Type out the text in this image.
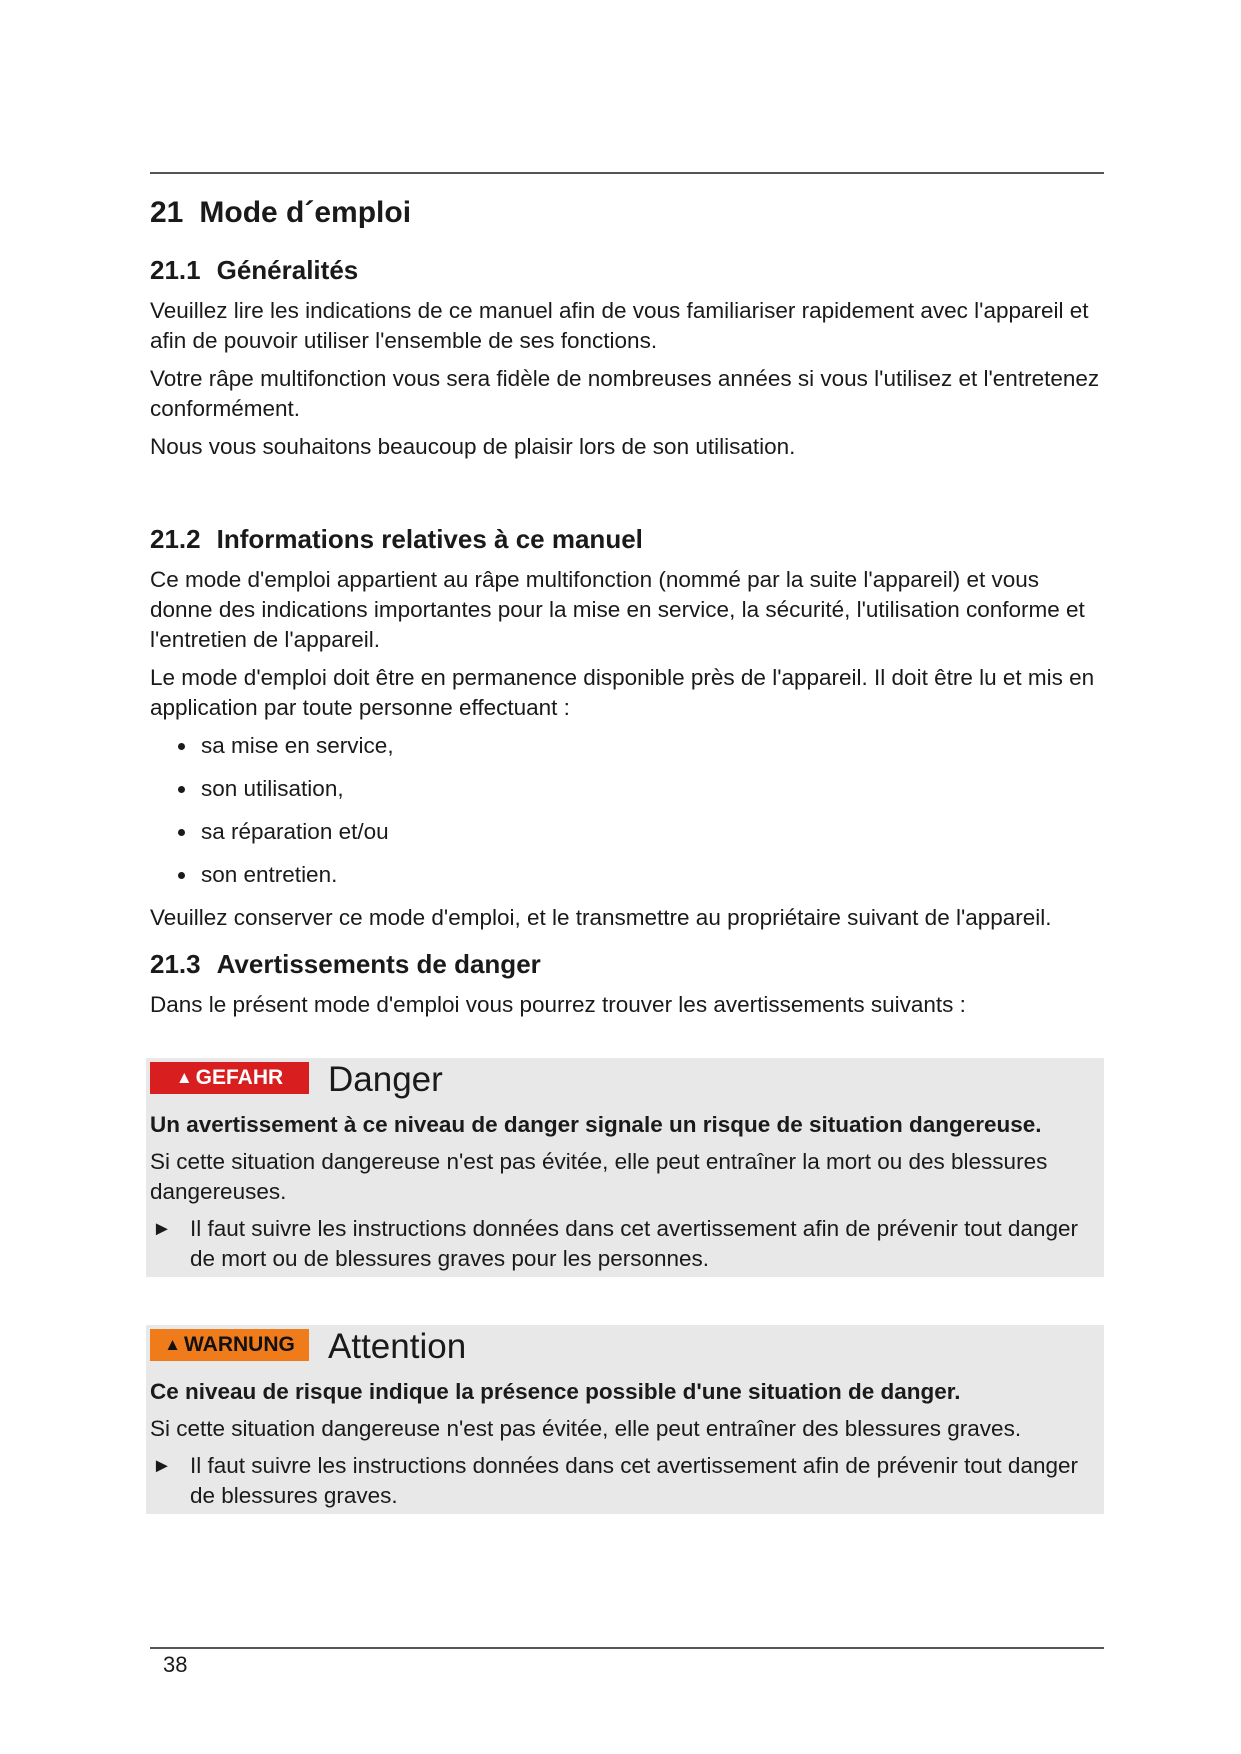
21 Mode d´emploi
21.1 Généralités

Veuillez lire les indications de ce manuel afin de vous familiariser rapidement avec l'appareil et afin de pouvoir utiliser l'ensemble de ses fonctions.

Votre râpe multifonction vous sera fidèle de nombreuses années si vous l'utilisez et l'entretenez conformément.

Nous vous souhaitons beaucoup de plaisir lors de son utilisation.

21.2 Informations relatives à ce manuel

Ce mode d'emploi appartient au râpe multifonction (nommé par la suite l'appareil) et vous donne des indications importantes pour la mise en service, la sécurité, l'utilisation conforme et l'entretien de l'appareil.

Le mode d'emploi doit être en permanence disponible près de l'appareil. Il doit être lu et mis en application par toute personne effectuant :

sa mise en service,
son utilisation,
sa réparation et/ou
son entretien.

Veuillez conserver ce mode d'emploi, et le transmettre au propriétaire suivant de l'appareil.

21.3 Avertissements de danger

Dans le présent mode d'emploi vous pourrez trouver les avertissements suivants :

▲ GEFAHR Danger
Un avertissement à ce niveau de danger signale un risque de situation dangereuse.
Si cette situation dangereuse n'est pas évitée, elle peut entraîner la mort ou des blessures dangereuses.
► Il faut suivre les instructions données dans cet avertissement afin de prévenir tout danger de mort ou de blessures graves pour les personnes.
▲ WARNUNG Attention
Ce niveau de risque indique la présence possible d'une situation de danger.
Si cette situation dangereuse n'est pas évitée, elle peut entraîner des blessures graves.
► Il faut suivre les instructions données dans cet avertissement afin de prévenir tout danger de blessures graves.
38
